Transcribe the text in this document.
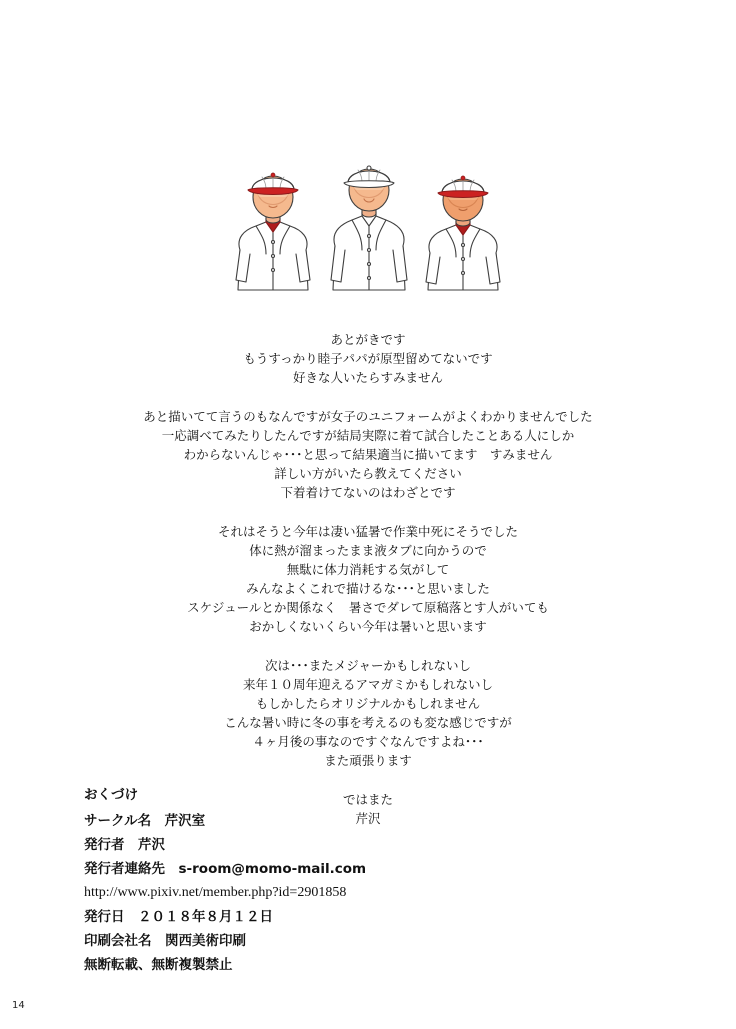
あとがきです
もうすっかり睦子パパが原型留めてないです
好きな人いたらすみません
あと描いてて言うのもなんですが女子のユニフォームがよくわかりませんでした
一応調べてみたりしたんですが結局実際に着て試合したことある人にしか
わからないんじゃ･･･と思って結果適当に描いてます　すみません
詳しい方がいたら教えてください
下着着けてないのはわざとです
それはそうと今年は凄い猛暑で作業中死にそうでした
体に熱が溜まったまま液タブに向かうので
無駄に体力消耗する気がして
みんなよくこれで描けるな･･･と思いました
スケジュールとか関係なく　暑さでダレて原稿落とす人がいても
おかしくないくらい今年は暑いと思います
次は･･･またメジャーかもしれないし
来年１０周年迎えるアマガミかもしれないし
もしかしたらオリジナルかもしれません
こんな暑い時に冬の事を考えるのも変な感じですが
４ヶ月後の事なのですぐなんですよね･･･
また頑張ります
ではまた
芹沢
おくづけ
サークル名　芹沢室
発行者　芹沢
発行者連絡先　s-room@momo-mail.com
http://www.pixiv.net/member.php?id=2901858
発行日　２０１８年８月１２日
印刷会社名　関西美術印刷
無断転載、無断複製禁止
14
